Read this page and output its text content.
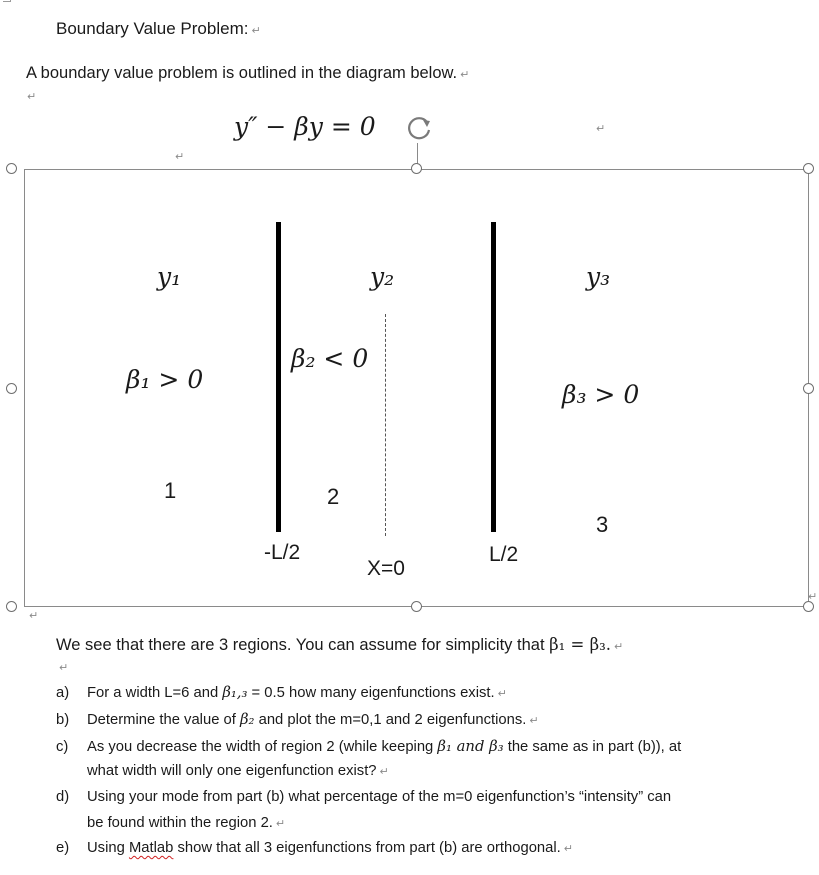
Boundary Value Problem: ↵
A boundary value problem is outlined in the diagram below. ↵
↵
y″ − βy = 0	↵
↵
y₁
β₁ > 0
1
y₂
β₂ < 0
2
y₃
β₃ > 0
3
-L/2	L/2
X=0
↵
↵
We see that there are 3 regions. You can assume for simplicity that β₁ = β₃. ↵
↵
a) For a width L=6 and β₁,₃ = 0.5 how many eigenfunctions exist. ↵
b) Determine the value of β₂ and plot the m=0,1 and 2 eigenfunctions. ↵
c) As you decrease the width of region 2 (while keeping β₁ and β₃ the same as in part (b)), at
what width will only one eigenfunction exist? ↵
d) Using your mode from part (b) what percentage of the m=0 eigenfunction’s “intensity” can
be found within the region 2. ↵
e) Using Matlab show that all 3 eigenfunctions from part (b) are orthogonal. ↵
